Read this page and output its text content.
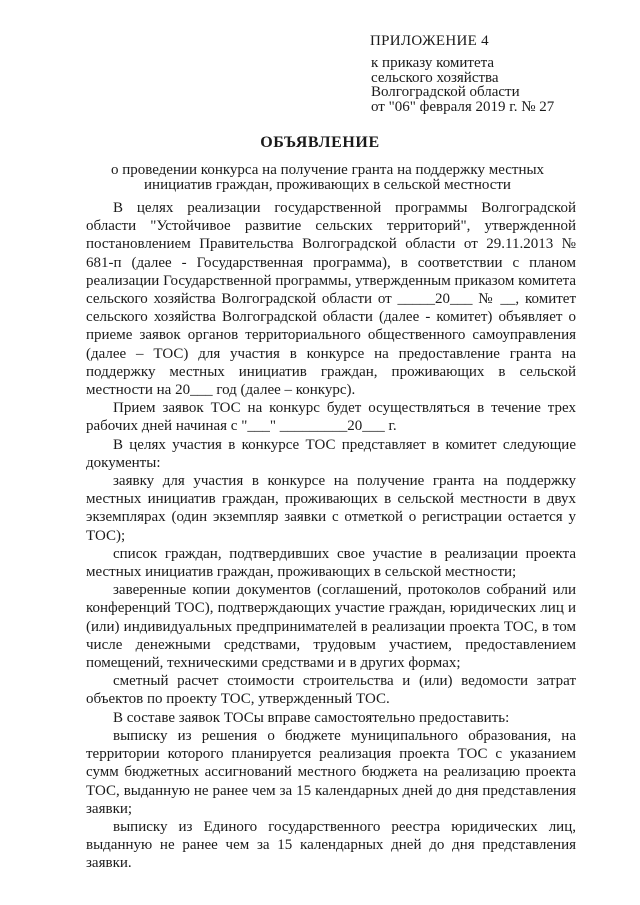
ПРИЛОЖЕНИЕ 4
к приказу комитета
сельского хозяйства
Волгоградской области
от "06" февраля 2019 г. № 27
ОБЪЯВЛЕНИЕ
о проведении конкурса на получение гранта на поддержку местных
инициатив граждан, проживающих в сельской местности

В целях реализации государственной программы Волгоградской области "Устойчивое развитие сельских территорий", утвержденной постановлением Правительства Волгоградской области от 29.11.2013 № 681-п (далее - Государственная программа), в соответствии с планом реализации Государственной программы, утвержденным приказом комитета сельского хозяйства Волгоградской области от _____20___ № __, комитет сельского хозяйства Волгоградской области (далее - комитет) объявляет о приеме заявок органов территориального общественного самоуправления (далее – ТОС) для участия в конкурсе на предоставление гранта на поддержку местных инициатив граждан, проживающих в сельской местности на 20___ год (далее – конкурс).

Прием заявок ТОС на конкурс будет осуществляться в течение трех рабочих дней начиная с "___" _________20___ г.

В целях участия в конкурсе ТОС представляет в комитет следующие документы:

заявку для участия в конкурсе на получение гранта на поддержку местных инициатив граждан, проживающих в сельской местности в двух экземплярах (один экземпляр заявки с отметкой о регистрации остается у ТОС);

список граждан, подтвердивших свое участие в реализации проекта местных инициатив граждан, проживающих в сельской местности;

заверенные копии документов (соглашений, протоколов собраний или конференций ТОС), подтверждающих участие граждан, юридических лиц и (или) индивидуальных предпринимателей в реализации проекта ТОС, в том числе денежными средствами, трудовым участием, предоставлением помещений, техническими средствами и в других формах;

сметный расчет стоимости строительства и (или) ведомости затрат объектов по проекту ТОС, утвержденный ТОС.

В составе заявок ТОСы вправе самостоятельно предоставить:

выписку из решения о бюджете муниципального образования, на территории которого планируется реализация проекта ТОС с указанием сумм бюджетных ассигнований местного бюджета на реализацию проекта ТОС, выданную не ранее чем за 15 календарных дней до дня представления заявки;

выписку из Единого государственного реестра юридических лиц, выданную не ранее чем за 15 календарных дней до дня представления заявки.
